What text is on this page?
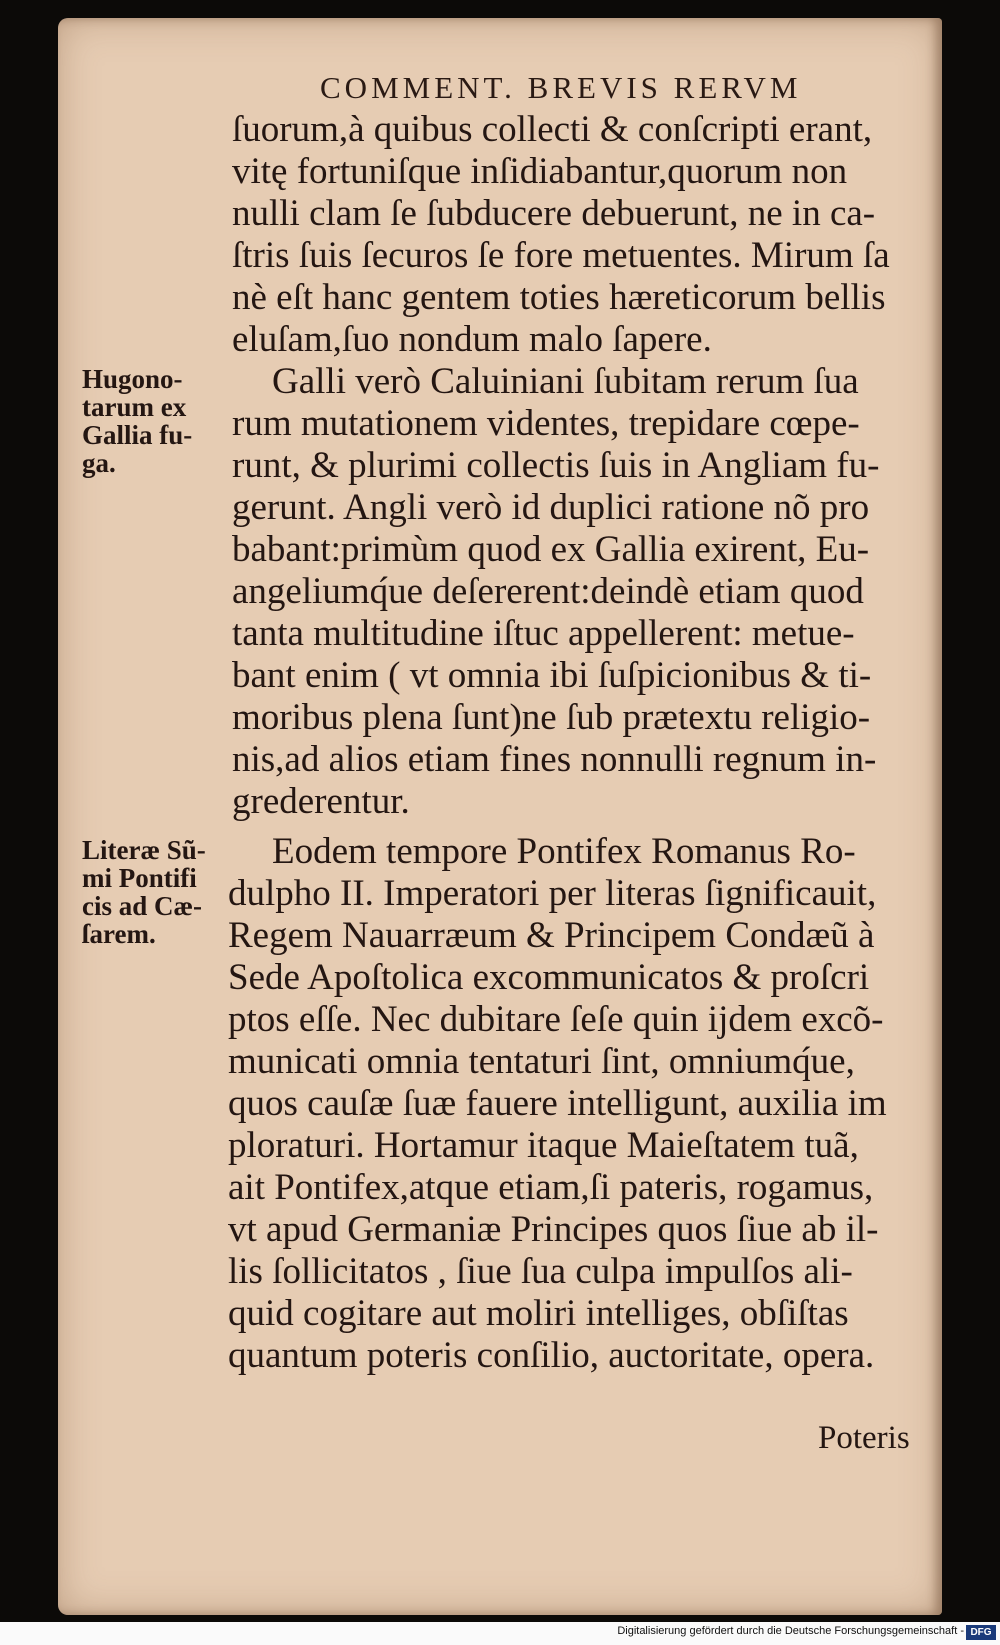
COMMENT. BREVIS RERVM
ſuorum,à quibus collecti & conſcripti erant,
vitę fortuniſque inſidiabantur,quorum non
nulli clam ſe ſubducere debuerunt, ne in ca-
ſtris ſuis ſecuros ſe fore metuentes. Mirum ſa
nè eſt hanc gentem toties hæreticorum bellis
eluſam,ſuo nondum malo ſapere.
Galli verò Caluiniani ſubitam rerum ſua
rum mutationem videntes, trepidare cœpe-
runt, & plurimi collectis ſuis in Angliam fu-
gerunt. Angli verò id duplici ratione nõ pro
babant:primùm quod ex Gallia exirent, Eu-
angeliumq́ue deſererent:deindè etiam quod
tanta multitudine iſtuc appellerent: metue-
bant enim ( vt omnia ibi ſuſpicionibus & ti-
moribus plena ſunt)ne ſub prætextu religio-
nis,ad alios etiam fines nonnulli regnum in-
grederentur.
Eodem tempore Pontifex Romanus Ro-
dulpho II. Imperatori per literas ſignificauit,
Regem Nauarræum & Principem Condæũ à
Sede Apoſtolica excommunicatos & proſcri
ptos eſſe. Nec dubitare ſeſe quin ijdem excõ-
municati omnia tentaturi ſint, omniumq́ue,
quos cauſæ ſuæ fauere intelligunt, auxilia im
ploraturi. Hortamur itaque Maieſtatem tuã,
ait Pontifex,atque etiam,ſi pateris, rogamus,
vt apud Germaniæ Principes quos ſiue ab il-
lis ſollicitatos , ſiue ſua culpa impulſos ali-
quid cogitare aut moliri intelliges, obſiſtas
quantum poteris conſilio, auctoritate, opera.
Hugono-
tarum ex
Gallia fu-
ga.
Literæ Sũ-
mi Pontifi
cis ad Cæ-
ſarem.
Poteris
Digitalisierung gefördert durch die Deutsche Forschungsgemeinschaft - DFG
